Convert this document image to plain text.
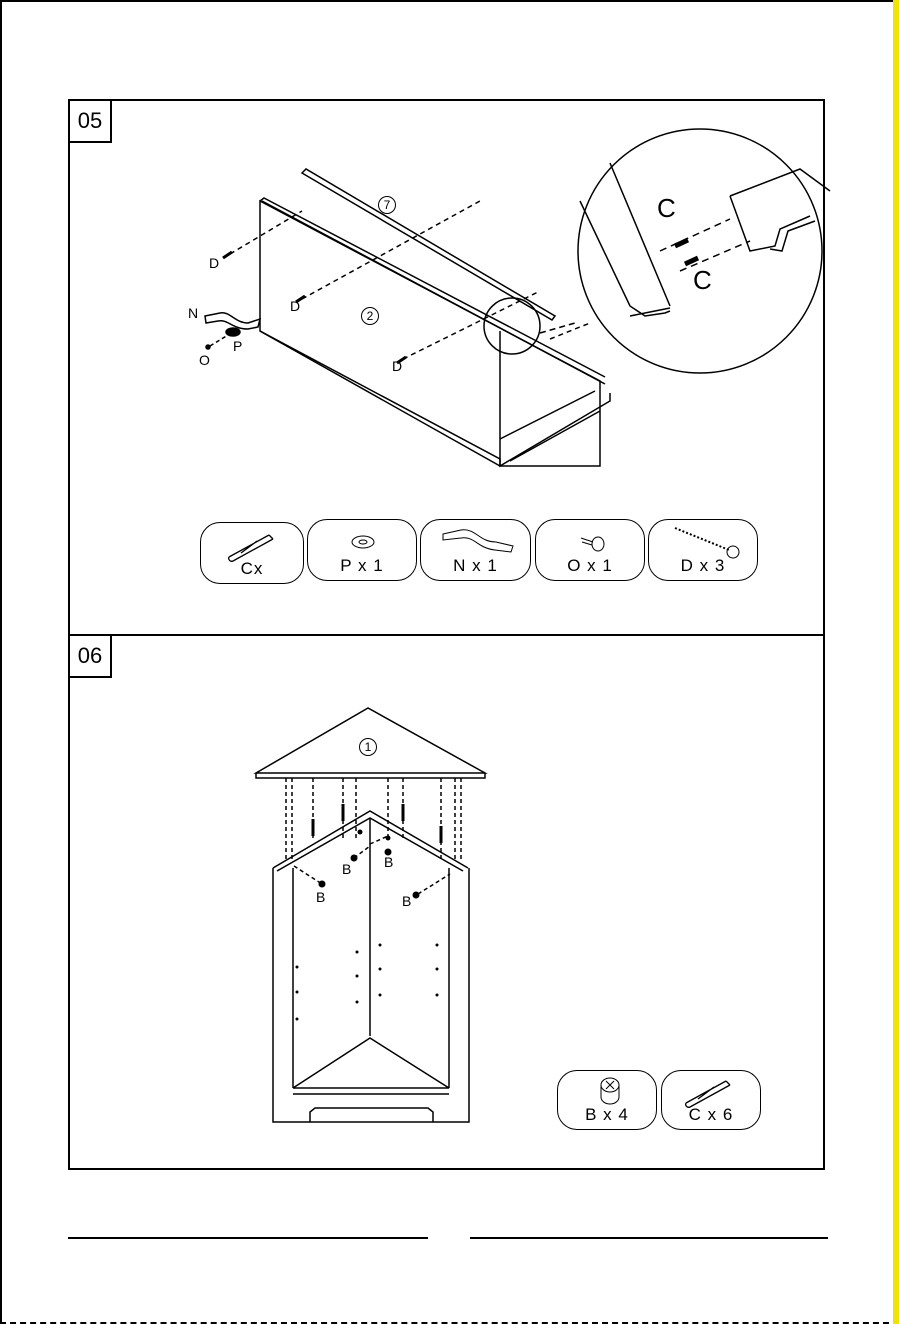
05
7
2
D
D
D
N
O
P
C
C
Cx	P x 1	N x 1	O x 1	D x 3
06
1
B
B B
B
B x 4	C x 6
